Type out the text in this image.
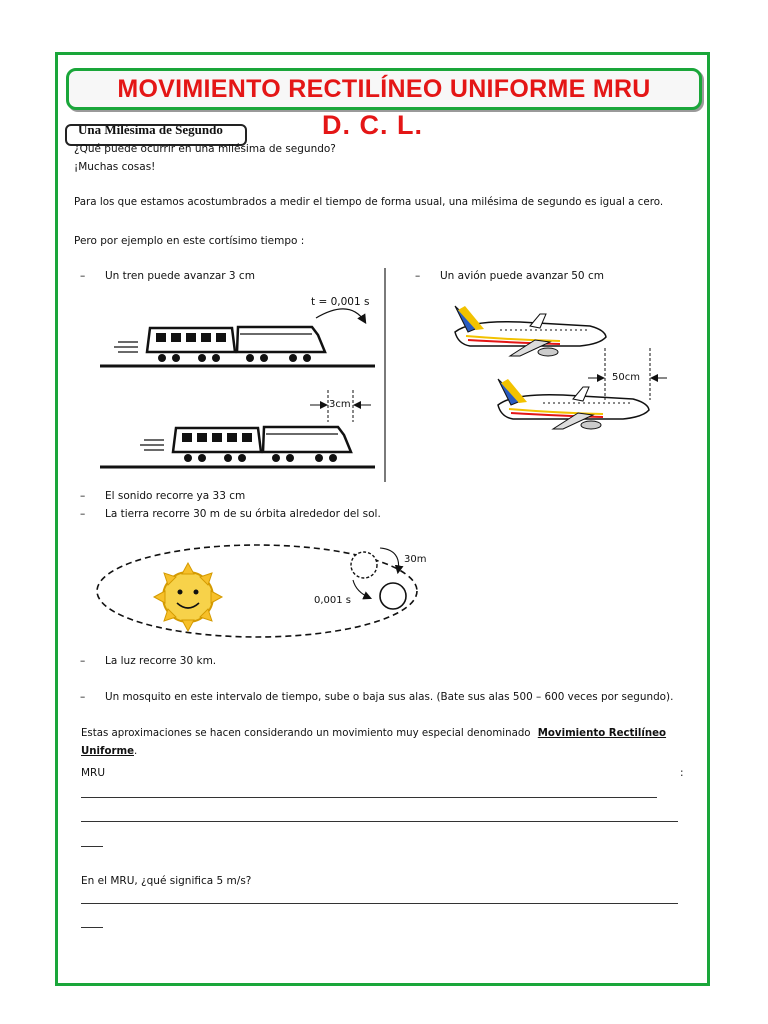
MOVIMIENTO RECTILÍNEO UNIFORME MRU
D. C. L.
Una Milésima de Segundo
¿Qué puede ocurrir en una milésima de segundo?
¡Muchas cosas!
Para los que estamos acostumbrados a medir el tiempo de forma usual, una milésima de segundo es igual a cero.
Pero por ejemplo en este cortísimo tiempo :
– Un tren puede avanzar 3 cm	– Un avión puede avanzar 50 cm
t = 0,001 s
3cm
50cm
30m
0,001 s
– El sonido recorre ya 33 cm
– La tierra recorre 30 m de su órbita alrededor del sol.
– La luz recorre 30 km.
– Un mosquito en este intervalo de tiempo, sube o baja sus alas. (Bate sus alas 500 – 600 veces por segundo).
Estas aproximaciones se hacen considerando un movimiento muy especial denominado Movimiento Rectilíneo
Uniforme.
MRU	:
En el MRU, ¿qué significa 5 m/s?
